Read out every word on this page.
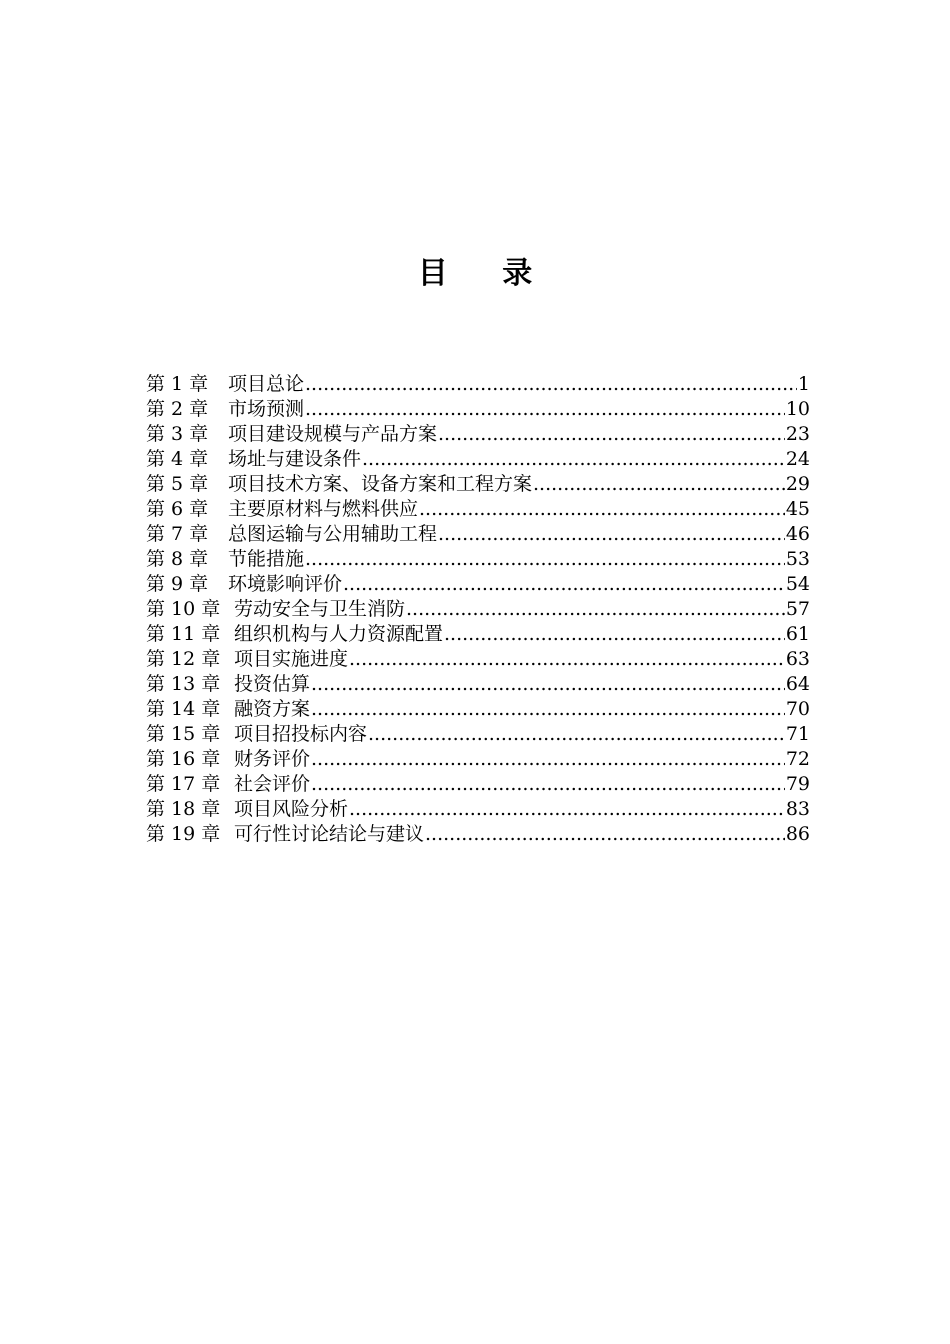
目 录
第 1 章	项目总论 .....	1
第 2 章	市场预测 .....	10
第 3 章	项目建设规模与产品方案 .....	23
第 4 章	场址与建设条件 .....	24
第 5 章	项目技术方案、设备方案和工程方案 .....	29
第 6 章	主要原材料与燃料供应 .....	45
第 7 章	总图运输与公用辅助工程 .....	46
第 8 章	节能措施 .....	53
第 9 章	环境影响评价 .....	54
第 10 章 劳动安全与卫生消防 .....	57
第 11 章 组织机构与人力资源配置 .....	61
第 12 章 项目实施进度 .....	63
第 13 章 投资估算 .....	64
第 14 章 融资方案 .....	70
第 15 章 项目招投标内容 .....	71
第 16 章 财务评价 .....	72
第 17 章 社会评价 .....	79
第 18 章 项目风险分析 .....	83
第 19 章 可行性讨论结论与建议 .....	86
